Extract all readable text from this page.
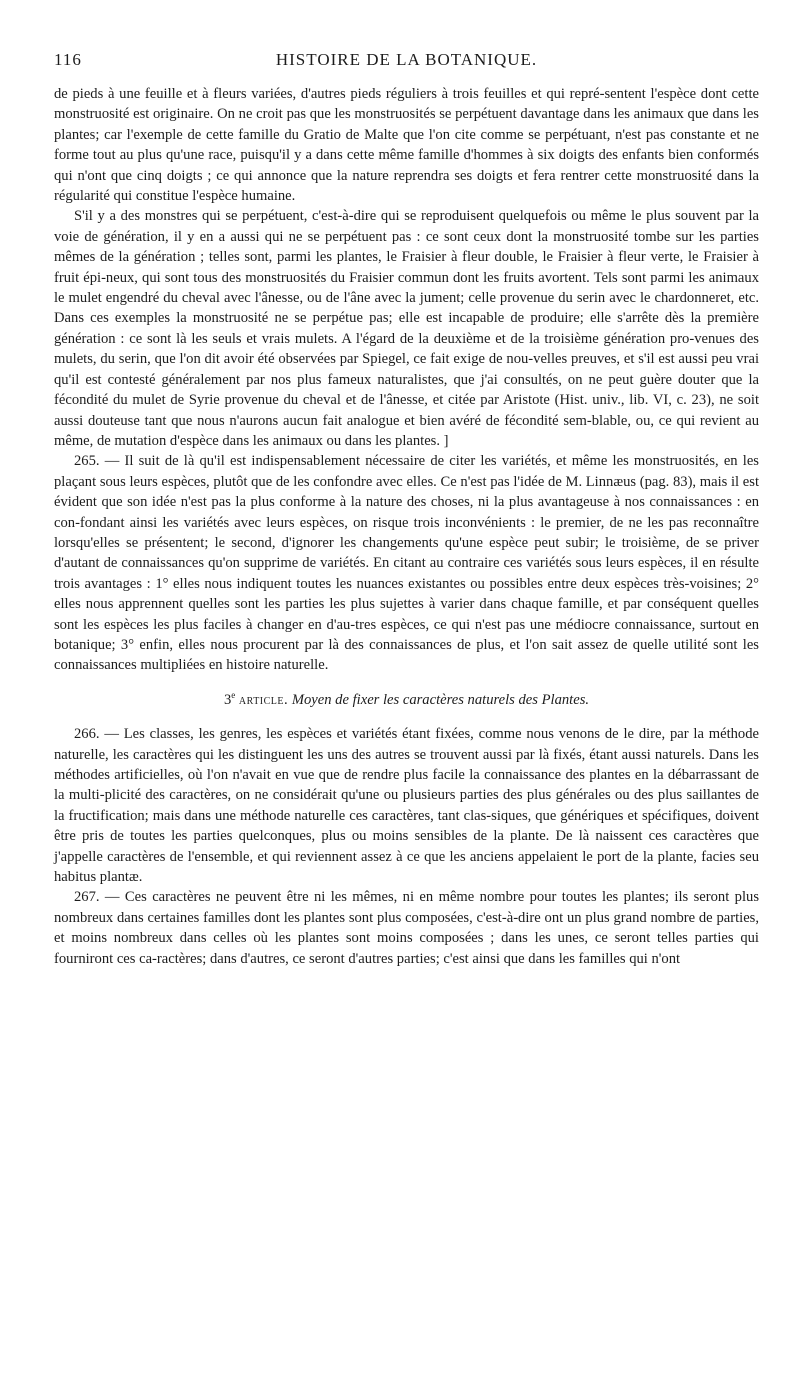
116	HISTOIRE DE LA BOTANIQUE.

de pieds à une feuille et à fleurs variées, d'autres pieds réguliers à trois feuilles et qui repré-sentent l'espèce dont cette monstruosité est originaire. On ne croit pas que les monstruosités se perpétuent davantage dans les animaux que dans les plantes; car l'exemple de cette famille du Gratio de Malte que l'on cite comme se perpétuant, n'est pas constante et ne forme tout au plus qu'une race, puisqu'il y a dans cette même famille d'hommes à six doigts des enfants bien conformés qui n'ont que cinq doigts ; ce qui annonce que la nature reprendra ses doigts et fera rentrer cette monstruosité dans la régularité qui constitue l'espèce humaine.

S'il y a des monstres qui se perpétuent, c'est-à-dire qui se reproduisent quelquefois ou même le plus souvent par la voie de génération, il y en a aussi qui ne se perpétuent pas : ce sont ceux dont la monstruosité tombe sur les parties mêmes de la génération ; telles sont, parmi les plantes, le Fraisier à fleur double, le Fraisier à fleur verte, le Fraisier à fruit épi-neux, qui sont tous des monstruosités du Fraisier commun dont les fruits avortent. Tels sont parmi les animaux le mulet engendré du cheval avec l'ânesse, ou de l'âne avec la jument; celle provenue du serin avec le chardonneret, etc. Dans ces exemples la monstruosité ne se perpétue pas; elle est incapable de produire; elle s'arrête dès la première génération : ce sont là les seuls et vrais mulets. A l'égard de la deuxième et de la troisième génération pro-venues des mulets, du serin, que l'on dit avoir été observées par Spiegel, ce fait exige de nou-velles preuves, et s'il est aussi peu vrai qu'il est contesté généralement par nos plus fameux naturalistes, que j'ai consultés, on ne peut guère douter que la fécondité du mulet de Syrie provenue du cheval et de l'ânesse, et citée par Aristote (Hist. univ., lib. VI, c. 23), ne soit aussi douteuse tant que nous n'aurons aucun fait analogue et bien avéré de fécondité sem-blable, ou, ce qui revient au même, de mutation d'espèce dans les animaux ou dans les plantes. ]

265. — Il suit de là qu'il est indispensablement nécessaire de citer les variétés, et même les monstruosités, en les plaçant sous leurs espèces, plutôt que de les confondre avec elles. Ce n'est pas l'idée de M. Linnæus (pag. 83), mais il est évident que son idée n'est pas la plus conforme à la nature des choses, ni la plus avantageuse à nos connaissances : en con-fondant ainsi les variétés avec leurs espèces, on risque trois inconvénients : le premier, de ne les pas reconnaître lorsqu'elles se présentent; le second, d'ignorer les changements qu'une espèce peut subir; le troisième, de se priver d'autant de connaissances qu'on supprime de variétés. En citant au contraire ces variétés sous leurs espèces, il en résulte trois avantages : 1° elles nous indiquent toutes les nuances existantes ou possibles entre deux espèces très-voisines; 2° elles nous apprennent quelles sont les parties les plus sujettes à varier dans chaque famille, et par conséquent quelles sont les espèces les plus faciles à changer en d'au-tres espèces, ce qui n'est pas une médiocre connaissance, surtout en botanique; 3° enfin, elles nous procurent par là des connaissances de plus, et l'on sait assez de quelle utilité sont les connaissances multipliées en histoire naturelle.

3e article. Moyen de fixer les caractères naturels des Plantes.

266. — Les classes, les genres, les espèces et variétés étant fixées, comme nous venons de le dire, par la méthode naturelle, les caractères qui les distinguent les uns des autres se trouvent aussi par là fixés, étant aussi naturels. Dans les méthodes artificielles, où l'on n'avait en vue que de rendre plus facile la connaissance des plantes en la débarrassant de la multi-plicité des caractères, on ne considérait qu'une ou plusieurs parties des plus générales ou des plus saillantes de la fructification; mais dans une méthode naturelle ces caractères, tant clas-siques, que génériques et spécifiques, doivent être pris de toutes les parties quelconques, plus ou moins sensibles de la plante. De là naissent ces caractères que j'appelle caractères de l'ensemble, et qui reviennent assez à ce que les anciens appelaient le port de la plante, facies seu habitus plantæ.

267. — Ces caractères ne peuvent être ni les mêmes, ni en même nombre pour toutes les plantes; ils seront plus nombreux dans certaines familles dont les plantes sont plus composées, c'est-à-dire ont un plus grand nombre de parties, et moins nombreux dans celles où les plantes sont moins composées ; dans les unes, ce seront telles parties qui fourniront ces ca-ractères; dans d'autres, ce seront d'autres parties; c'est ainsi que dans les familles qui n'ont
